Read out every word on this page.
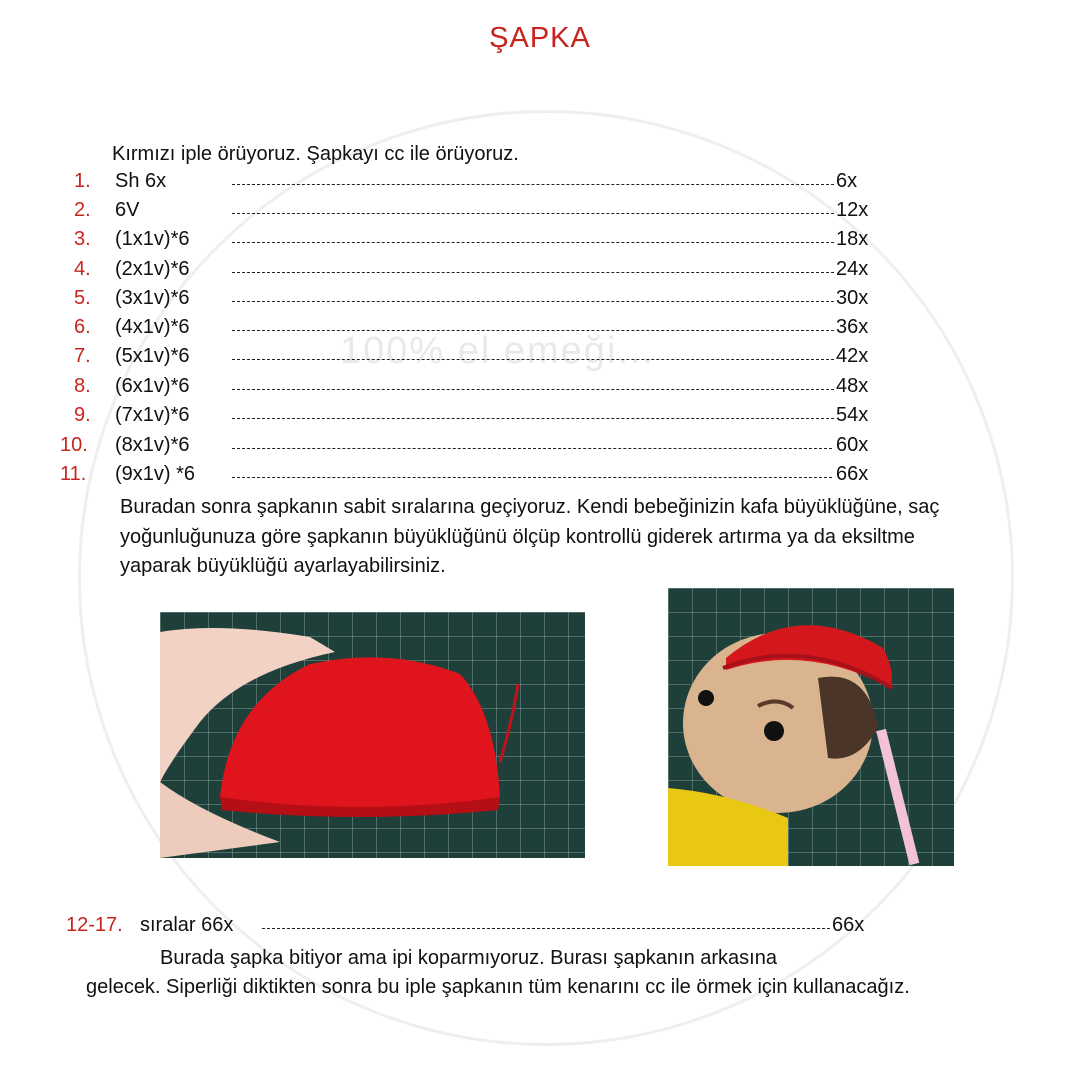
100% el emeği...
ŞAPKA
Kırmızı iple örüyoruz. Şapkayı cc ile örüyoruz.
1. Sh 6x	6x
2. 6V	12x
3. (1x1v)*6	18x
4. (2x1v)*6	24x
5. (3x1v)*6	30x
6. (4x1v)*6	36x
7. (5x1v)*6	42x
8. (6x1v)*6	48x
9. (7x1v)*6	54x
10. (8x1v)*6	60x
11. (9x1v) *6	66x
Buradan sonra şapkanın sabit sıralarına geçiyoruz. Kendi bebeğinizin kafa büyüklüğüne, saç yoğunluğunuza göre şapkanın büyüklüğünü ölçüp kontrollü giderek artırma ya da eksiltme yaparak büyüklüğü ayarlayabilirsiniz.
12-17. sıralar 66x	66x
Burada şapka bitiyor ama ipi koparmıyoruz. Burası şapkanın arkasına
gelecek. Siperliği diktikten sonra bu iple şapkanın tüm kenarını cc ile örmek için kullanacağız.
